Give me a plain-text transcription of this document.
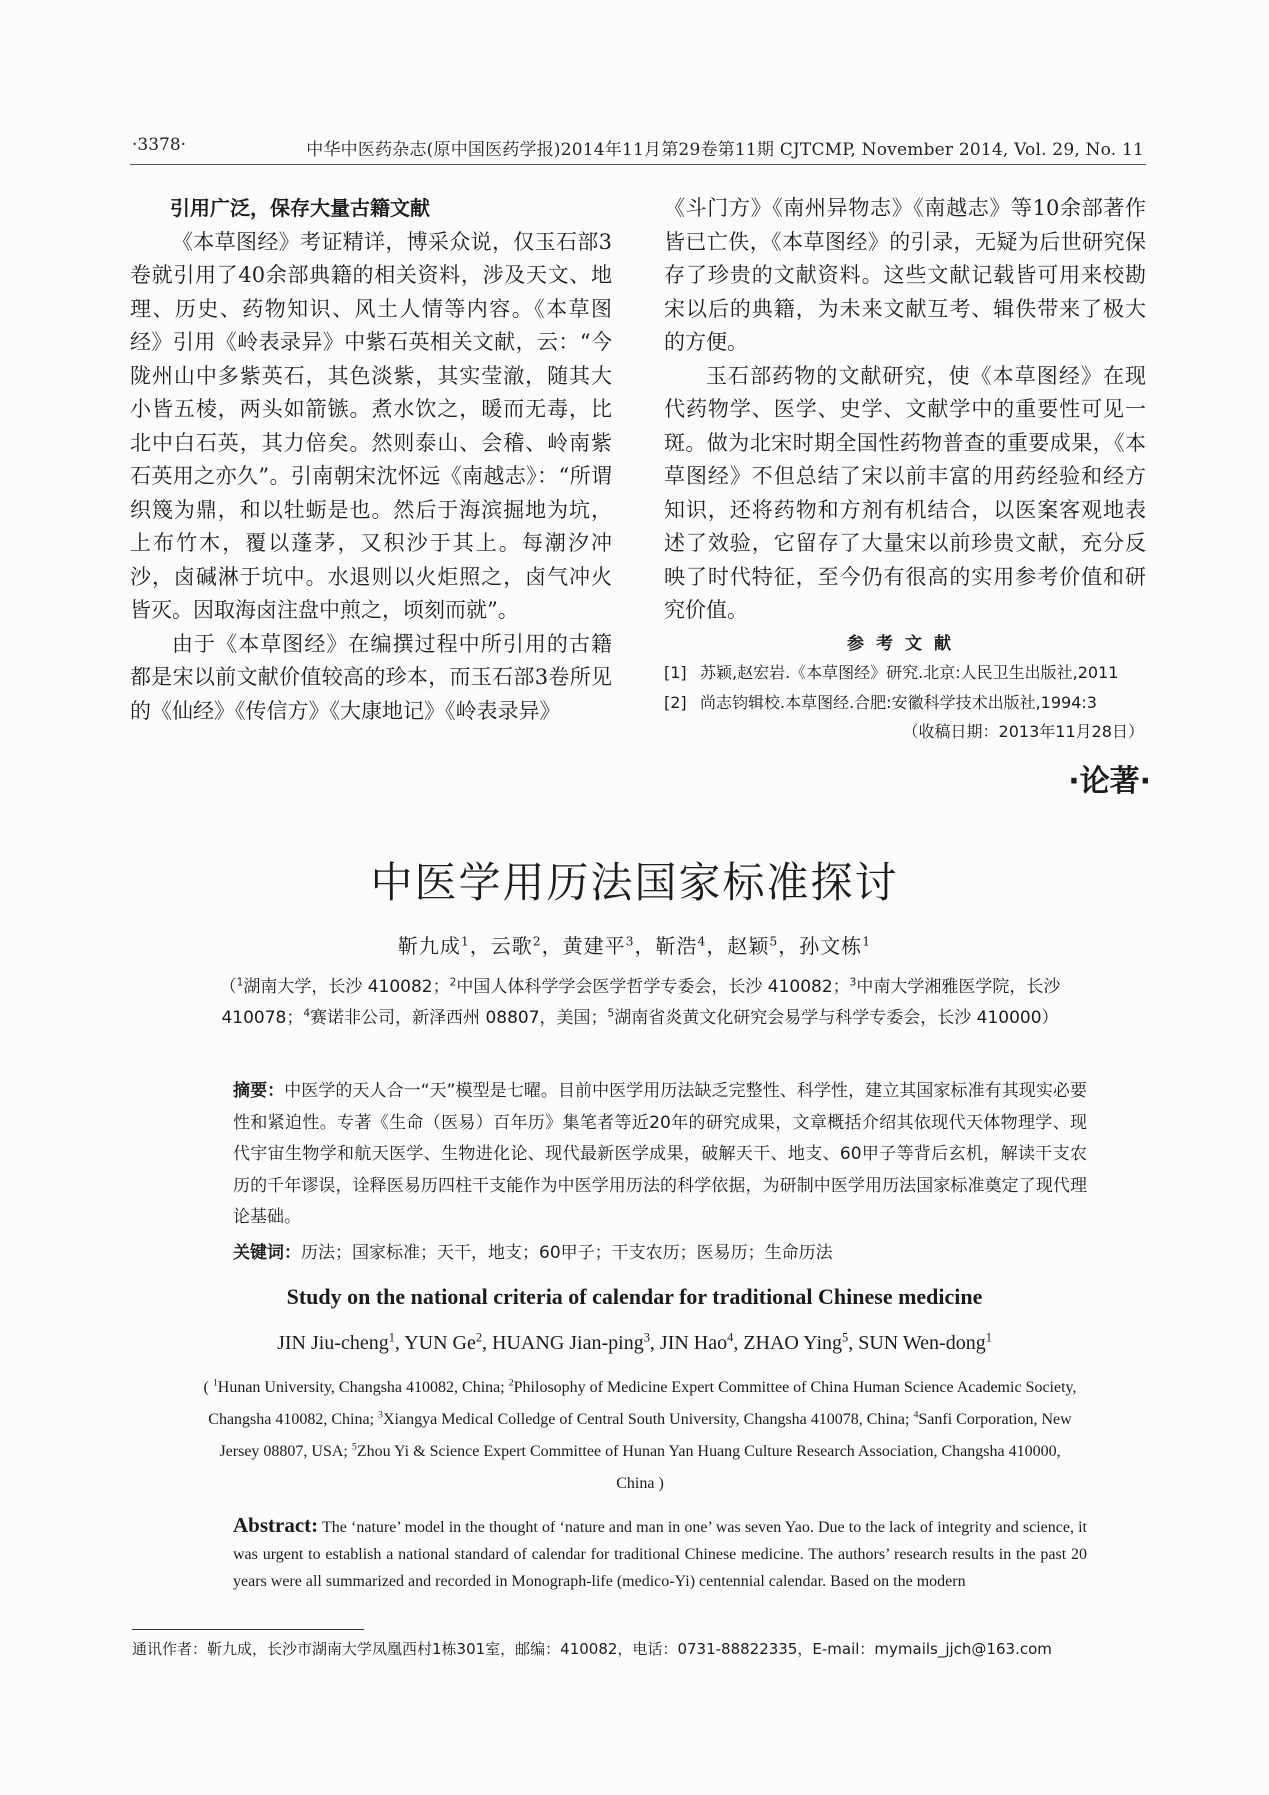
·3378·	中华中医药杂志(原中国医药学报)2014年11月第29卷第11期 CJTCMP, November 2014, Vol. 29, No. 11
引用广泛，保存大量古籍文献

《本草图经》考证精详，博采众说，仅玉石部3卷就引用了40余部典籍的相关资料，涉及天文、地理、历史、药物知识、风土人情等内容。《本草图经》引用《岭表录异》中紫石英相关文献，云：“今陇州山中多紫英石，其色淡紫，其实莹澈，随其大小皆五棱，两头如箭镞。煮水饮之，暖而无毒，比北中白石英，其力倍矣。然则泰山、会稽、岭南紫石英用之亦久”。引南朝宋沈怀远《南越志》：“所谓织篾为鼎，和以牡蛎是也。然后于海滨掘地为坑，上布竹木，覆以蓬茅，又积沙于其上。每潮汐冲沙，卤碱淋于坑中。水退则以火炬照之，卤气冲火皆灭。因取海卤注盘中煎之，顷刻而就”。

由于《本草图经》在编撰过程中所引用的古籍都是宋以前文献价值较高的珍本，而玉石部3卷所见的《仙经》《传信方》《大康地记》《岭表录异》

《斗门方》《南州异物志》《南越志》等10余部著作皆已亡佚，《本草图经》的引录，无疑为后世研究保存了珍贵的文献资料。这些文献记载皆可用来校勘宋以后的典籍，为未来文献互考、辑佚带来了极大的方便。

玉石部药物的文献研究，使《本草图经》在现代药物学、医学、史学、文献学中的重要性可见一斑。做为北宋时期全国性药物普查的重要成果，《本草图经》不但总结了宋以前丰富的用药经验和经方知识，还将药物和方剂有机结合，以医案客观地表述了效验，它留存了大量宋以前珍贵文献，充分反映了时代特征，至今仍有很高的实用参考价值和研究价值。

参考文献
[1] 苏颖,赵宏岩.《本草图经》研究.北京:人民卫生出版社,2011
[2] 尚志钧辑校.本草图经.合肥:安徽科学技术出版社,1994:3
（收稿日期：2013年11月28日）
·论著·
中医学用历法国家标准探讨
靳九成$^1$，云歌$^2$，黄建平$^3$，靳浩$^4$，赵颖$^5$，孙文栋$^1$
（$^1$湖南大学，长沙 410082；$^2$中国人体科学学会医学哲学专委会，长沙 410082；$^3$中南大学湘雅医学院，长沙 410078；$^4$赛诺非公司，新泽西州 08807，美国；$^5$湖南省炎黄文化研究会易学与科学专委会，长沙 410000）
摘要：中医学的天人合一“天”模型是七曜。目前中医学用历法缺乏完整性、科学性，建立其国家标准有其现实必要性和紧迫性。专著《生命（医易）百年历》集笔者等近20年的研究成果，文章概括介绍其依现代天体物理学、现代宇宙生物学和航天医学、生物进化论、现代最新医学成果，破解天干、地支、60甲子等背后玄机，解读干支农历的千年谬误，诠释医易历四柱干支能作为中医学用历法的科学依据，为研制中医学用历法国家标准奠定了现代理论基础。
关键词：历法；国家标准；天干，地支；60甲子；干支农历；医易历；生命历法
Study on the national criteria of calendar for traditional Chinese medicine
JIN Jiu-cheng$^1$, YUN Ge$^2$, HUANG Jian-ping$^3$, JIN Hao$^4$, ZHAO Ying$^5$, SUN Wen-dong$^1$
( $^1$Hunan University, Changsha 410082, China; $^2$Philosophy of Medicine Expert Committee of China Human Science Academic Society, Changsha 410082, China; $^3$Xiangya Medical Colledge of Central South University, Changsha 410078, China; $^4$Sanfi Corporation, New Jersey 08807, USA; $^5$Zhou Yi & Science Expert Committee of Hunan Yan Huang Culture Research Association, Changsha 410000, China )
Abstract: The ‘nature’ model in the thought of ‘nature and man in one’ was seven Yao. Due to the lack of integrity and science, it was urgent to establish a national standard of calendar for traditional Chinese medicine. The authors’ research results in the past 20 years were all summarized and recorded in Monograph-life (medico-Yi) centennial calendar. Based on the modern
通讯作者：靳九成，长沙市湖南大学凤凰西村1栋301室，邮编：410082，电话：0731-88822335，E-mail：mymails_jjch@163.com
